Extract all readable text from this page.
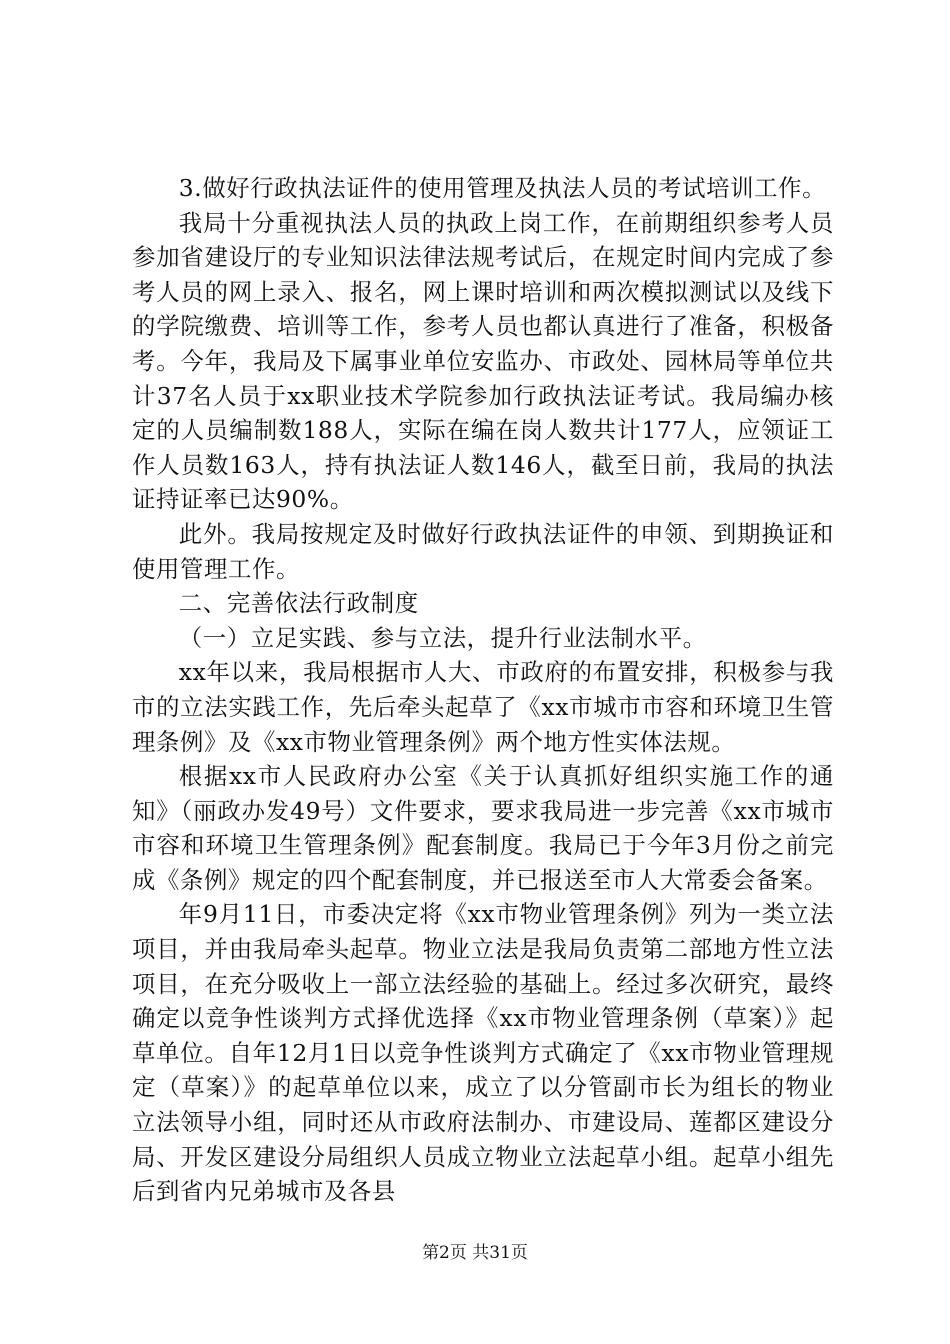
3.做好行政执法证件的使用管理及执法人员的考试培训工作。

我局十分重视执法人员的执政上岗工作，在前期组织参考人员参加省建设厅的专业知识法律法规考试后，在规定时间内完成了参考人员的网上录入、报名，网上课时培训和两次模拟测试以及线下的学院缴费、培训等工作，参考人员也都认真进行了准备，积极备考。今年，我局及下属事业单位安监办、市政处、园林局等单位共计37名人员于xx职业技术学院参加行政执法证考试。我局编办核定的人员编制数188人，实际在编在岗人数共计177人，应领证工作人员数163人，持有执法证人数146人，截至日前，我局的执法证持证率已达90%。

此外。我局按规定及时做好行政执法证件的申领、到期换证和使用管理工作。

二、完善依法行政制度

（一）立足实践、参与立法，提升行业法制水平。

xx年以来，我局根据市人大、市政府的布置安排，积极参与我市的立法实践工作，先后牵头起草了《xx市城市市容和环境卫生管理条例》及《xx市物业管理条例》两个地方性实体法规。

根据xx市人民政府办公室《关于认真抓好组织实施工作的通知》（丽政办发49号）文件要求，要求我局进一步完善《xx市城市市容和环境卫生管理条例》配套制度。我局已于今年3月份之前完成《条例》规定的四个配套制度，并已报送至市人大常委会备案。

年9月11日，市委决定将《xx市物业管理条例》列为一类立法项目，并由我局牵头起草。物业立法是我局负责第二部地方性立法项目，在充分吸收上一部立法经验的基础上。经过多次研究，最终确定以竞争性谈判方式择优选择《xx市物业管理条例（草案）》起草单位。自年12月1日以竞争性谈判方式确定了《xx市物业管理规定（草案）》的起草单位以来，成立了以分管副市长为组长的物业立法领导小组，同时还从市政府法制办、市建设局、莲都区建设分局、开发区建设分局组织人员成立物业立法起草小组。起草小组先后到省内兄弟城市及各县

第2页 共31页
